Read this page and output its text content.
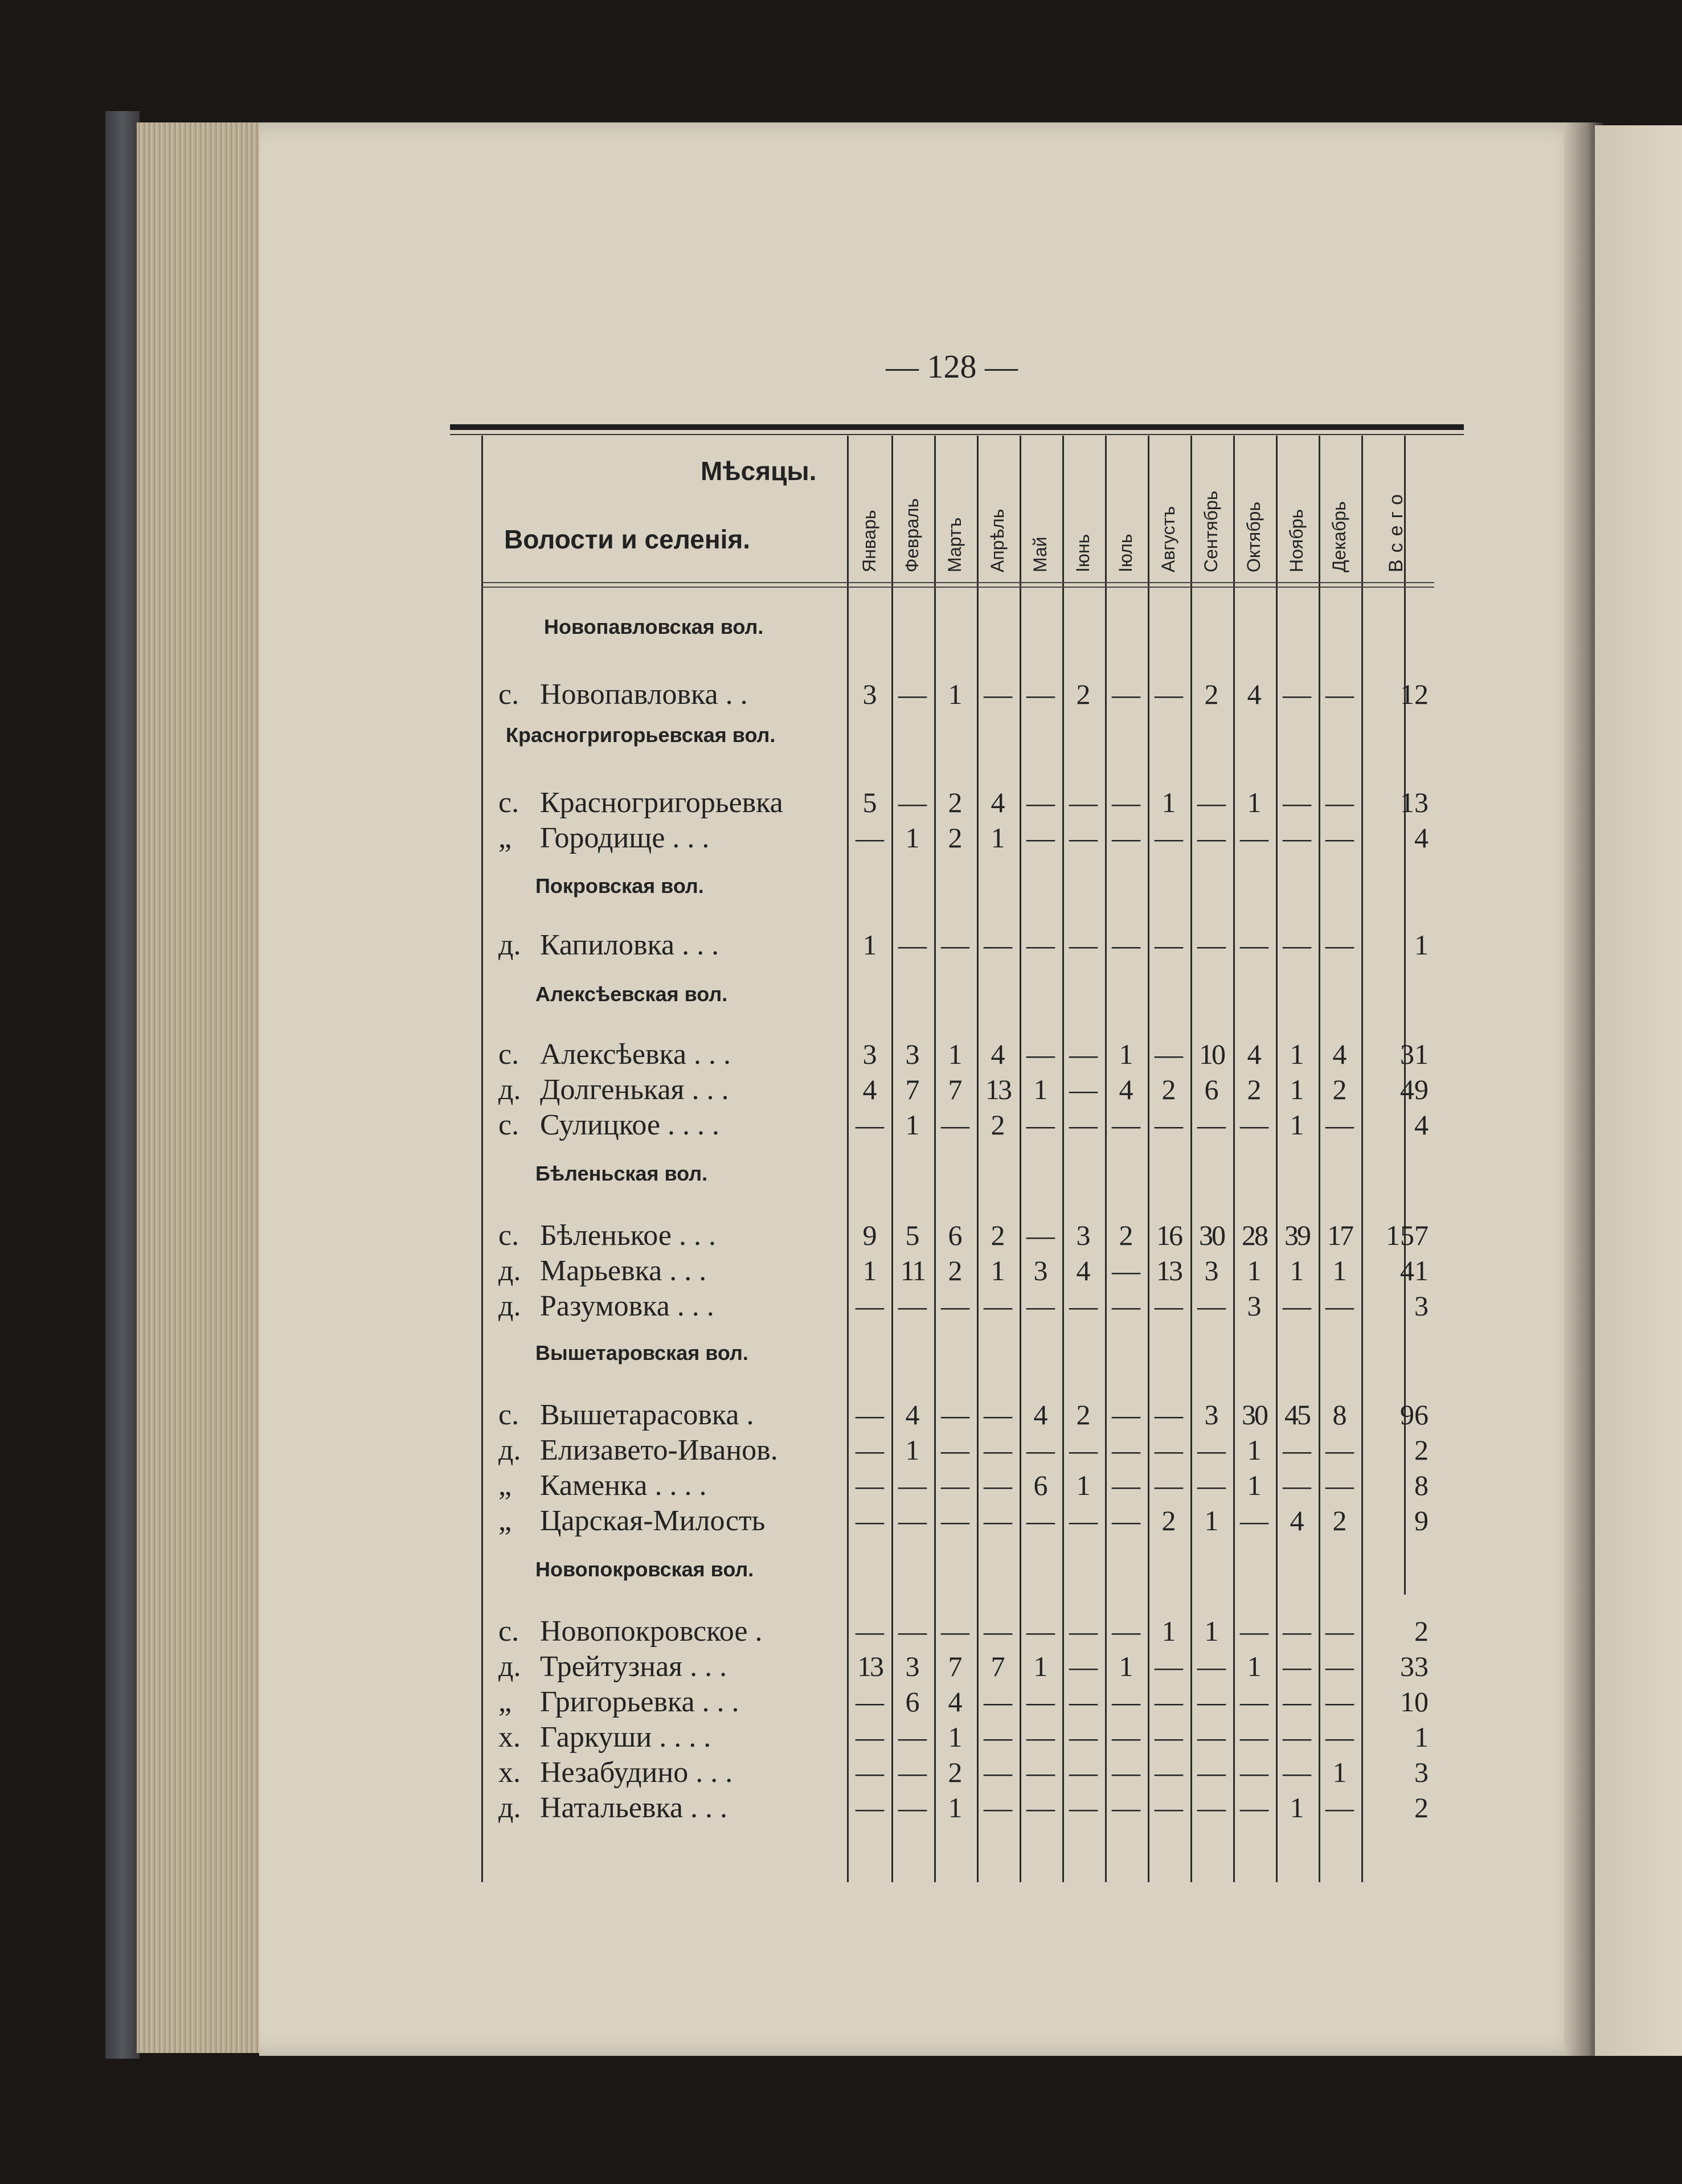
— 128 —
Мѣсяцы.
Волости и селенія.	Январь Февраль Мартъ Апрѣль Май Іюнь Іюль Августъ Сентябрь Октябрь Ноябрь Декабрь Всего
Новопавловская вол.
с. Новопавловка . .	3 — 1 — — 2 — — 2	4 — —	12
Красногригорьевская вол.
с. Красногригорьевка	5 — 2	4 — — — 1 — 1 — —	13
„ Городище . . .	— 1	2	1 — — — — — — — —	4
Покровская вол.
д. Капиловка . . .	1 — — — — — — — — — — —	1
Алексѣевская вол.
с. Алексѣевка . . .	3	3	1	4 — — 1 — 10 4	1	4	31
д. Долгенькая . . .	4	7	7 13 1 — 4	2	6	2	1	2	49
с. Сулицкое . . . .	— 1 — 2 — — — — — — 1 —	4
Бѣленьская вол.
с. Бѣленькое . . .	9	5	6	2 — 3	2 16 30 28 39 17	157
д. Марьевка . . .	1 11 2	1	3	4 — 13 3	1	1	1	41
д. Разумовка . . .	— — — — — — — — — 3 — —	3
Вышетаровская вол.
с. Вышетарасовка .	— 4 — — 4	2 — — 3 30 45 8	96
д. Елизавето-Иванов.	— 1 — — — — — — — 1 — —	2
„ Каменка . . . .	— — — — 6	1 — — — 1 — —	8
„ Царская-Милость	— — — — — — — 2	1 — 4	2	9
Новопокровская вол.
с. Новопокровское .	— — — — — — — 1	1 — — —	2
д. Трейтузная . . .	13 3	7	7	1 — 1 — — 1 — —	33
„ Григорьевка . . .	— 6	4 — — — — — — — — —	10
х. Гаркуши . . . .	— — 1 — — — — — — — — —	1
х. Незабудино . . .	— — 2 — — — — — — — — 1	3
д. Натальевка . . .	— — 1 — — — — — — — 1 —	2
